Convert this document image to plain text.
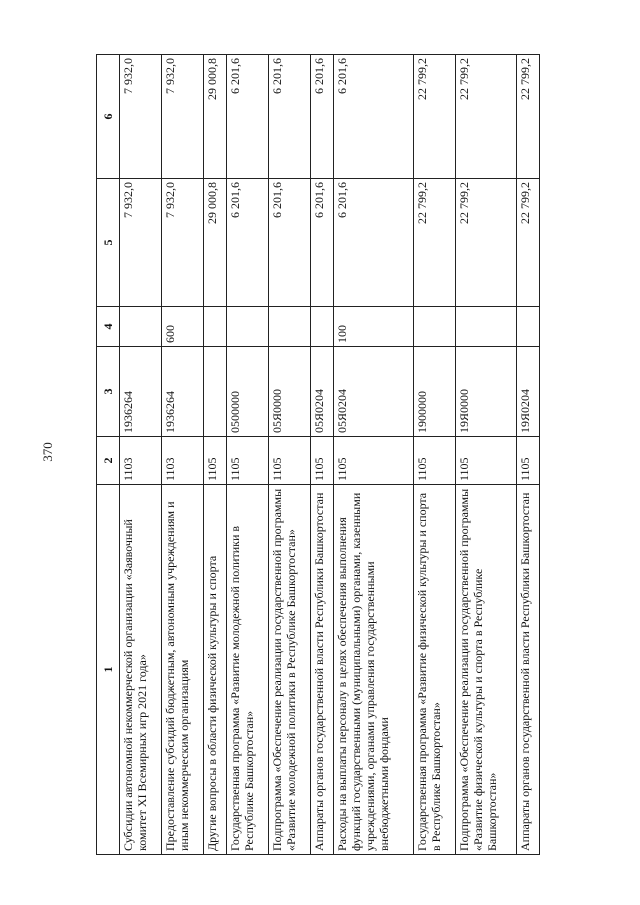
370
1	2	3	4	5	6
Субсидии автономной некоммерческой организации «Заявочный комитет XI Всемирных игр 2021 года»	1103	1936264		7 932,0	7 932,0
Предоставление субсидий бюджетным, автономным учреждениям и иным некоммерческим организациям	1103	1936264	600	7 932,0	7 932,0
Другие вопросы в области физической культуры и спорта	1105			29 000,8	29 000,8
Государственная программа «Развитие молодежной политики в Республике Башкортостан»	1105	0500000		6 201,6	6 201,6
Подпрограмма «Обеспечение реализации государственной программы «Развитие молодежной политики в Республике Башкортостан»	1105	05Я0000		6 201,6	6 201,6
Аппараты органов государственной власти Республики Башкортостан	1105	05Я0204		6 201,6	6 201,6
Расходы на выплаты персоналу в целях обеспечения выполнения функций государственными (муниципальными) органами, казенными учреждениями, органами управления государственными внебюджетными фондами	1105	05Я0204	100	6 201,6	6 201,6
Государственная программа «Развитие физической культуры и спорта в Республике Башкортостан»	1105	1900000		22 799,2	22 799,2
Подпрограмма «Обеспечение реализации государственной программы «Развитие физической культуры и спорта в Республике Башкортостан»	1105	19Я0000		22 799,2	22 799,2
Аппараты органов государственной власти Республики Башкортостан	1105	19Я0204		22 799,2	22 799,2
